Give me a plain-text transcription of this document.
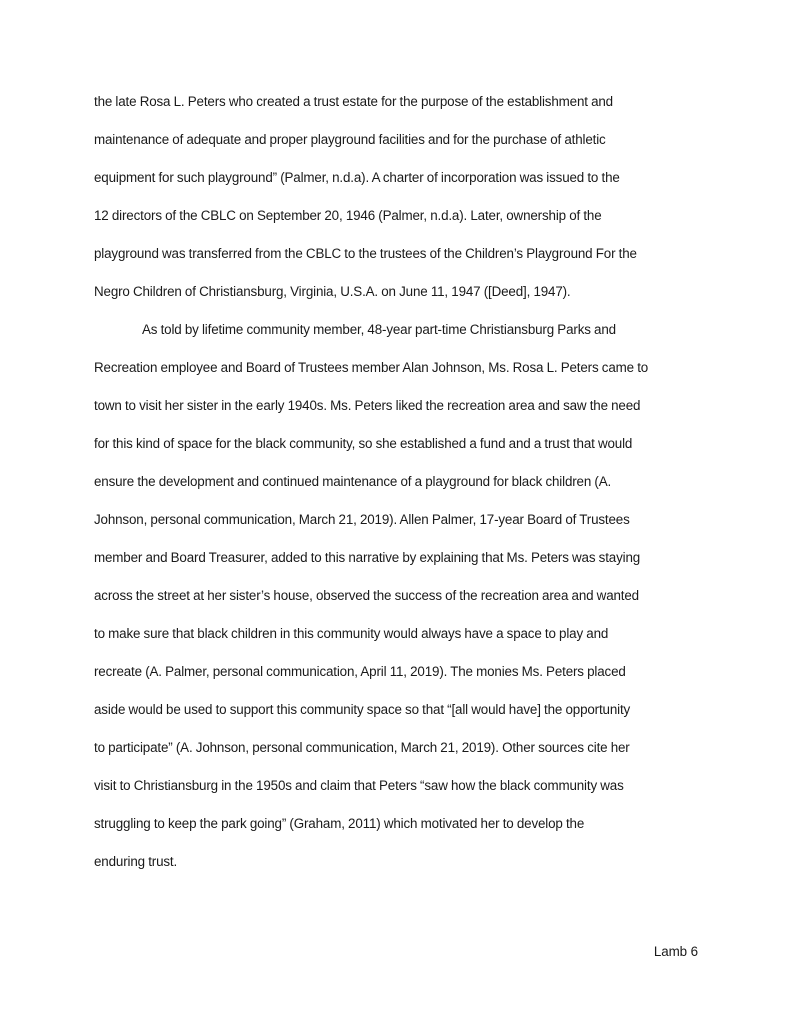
the late Rosa L. Peters who created a trust estate for the purpose of the establishment and
maintenance of adequate and proper playground facilities and for the purchase of athletic
equipment for such playground” (Palmer, n.d.a). A charter of incorporation was issued to the
12 directors of the CBLC on September 20, 1946 (Palmer, n.d.a). Later, ownership of the
playground was transferred from the CBLC to the trustees of the Children’s Playground For the
Negro Children of Christiansburg, Virginia, U.S.A. on June 11, 1947 ([Deed], 1947).
As told by lifetime community member, 48-year part-time Christiansburg Parks and
Recreation employee and Board of Trustees member Alan Johnson, Ms. Rosa L. Peters came to
town to visit her sister in the early 1940s. Ms. Peters liked the recreation area and saw the need
for this kind of space for the black community, so she established a fund and a trust that would
ensure the development and continued maintenance of a playground for black children (A.
Johnson, personal communication, March 21, 2019). Allen Palmer, 17-year Board of Trustees
member and Board Treasurer, added to this narrative by explaining that Ms. Peters was staying
across the street at her sister’s house, observed the success of the recreation area and wanted
to make sure that black children in this community would always have a space to play and
recreate (A. Palmer, personal communication, April 11, 2019). The monies Ms. Peters placed
aside would be used to support this community space so that “[all would have] the opportunity
to participate” (A. Johnson, personal communication, March 21, 2019). Other sources cite her
visit to Christiansburg in the 1950s and claim that Peters “saw how the black community was
struggling to keep the park going” (Graham, 2011) which motivated her to develop the
enduring trust.
Lamb 6
